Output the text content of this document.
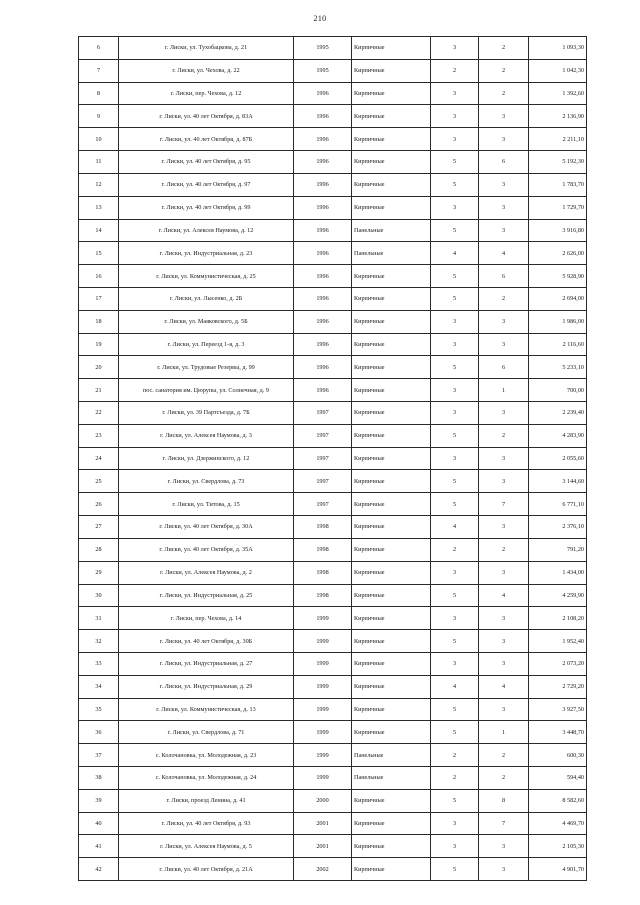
210
6	г. Лиски, ул. Тухобацкова, д. 21	1995	Кирпичные	3	2	1 093,30
7	г. Лиски, ул. Чехова, д. 22	1995	Кирпичные	2	2	1 042,30
8	г. Лиски, пер. Чехова, д. 12	1996	Кирпичные	3	2	1 392,60
9	г. Лиски, ул. 40 лет Октября, д. 83А	1996	Кирпичные	3	3	2 136,90
10	г. Лиски, ул. 40 лет Октября, д. 87Б	1996	Кирпичные	3	3	2 211,10
11	г. Лиски, ул. 40 лет Октября, д. 95	1996	Кирпичные	5	6	5 192,30
12	г. Лиски, ул. 40 лет Октября, д. 97	1996	Кирпичные	5	3	1 783,70
13	г. Лиски, ул. 40 лет Октября, д. 99	1996	Кирпичные	3	3	1 729,70
14	г. Лиски, ул. Алексея Наумова, д. 12	1996	Панельные	5	3	3 916,80
15	г. Лиски, ул. Индустриальная, д. 23	1996	Панельные	4	4	2 626,00
16	г. Лиски, ул. Коммунистическая, д. 25	1996	Кирпичные	5	6	5 928,90
17	г. Лиски, ул. Лысенко, д. 2Б	1996	Кирпичные	5	2	2 694,00
18	г. Лиски, ул. Маяковского, д. 5Б	1996	Кирпичные	3	3	1 986,00
19	г. Лиски, ул. Переезд 1-я, д. 3	1996	Кирпичные	3	3	2 116,60
20	г. Лиски, ул. Трудовые Резервы, д. 99	1996	Кирпичные	5	6	5 233,10
21	пос. санатория им. Цюрупы, ул. Солнечная, д. 9	1996	Кирпичные	3	1	700,00
22	г. Лиски, ул. 39 Партсъезда, д. 7Б	1997	Кирпичные	3	3	2 239,40
23	г. Лиски, ул. Алексея Наумова, д. 3	1997	Кирпичные	5	2	4 283,90
24	г. Лиски, ул. Дзержинского, д. 12	1997	Кирпичные	3	3	2 055,60
25	г. Лиски, ул. Свердлова, д. 73	1997	Кирпичные	5	3	3 144,60
26	г. Лиски, ул. Титова, д. 15	1997	Кирпичные	5	7	6 771,10
27	г. Лиски, ул. 40 лет Октября, д. 30А	1998	Кирпичные	4	3	2 376,10
28	г. Лиски, ул. 40 лет Октября, д. 35А	1998	Кирпичные	2	2	791,20
29	г. Лиски, ул. Алексея Наумова, д. 2	1998	Кирпичные	3	3	1 434,00
30	г. Лиски, ул. Индустриальная, д. 25	1998	Кирпичные	5	4	4 259,90
31	г. Лиски, пер. Чехова, д. 14	1999	Кирпичные	3	3	2 108,20
32	г. Лиски, ул. 40 лет Октября, д. 30Б	1999	Кирпичные	5	3	1 952,40
33	г. Лиски, ул. Индустриальная, д. 27	1999	Кирпичные	3	3	2 073,20
34	г. Лиски, ул. Индустриальная, д. 29	1999	Кирпичные	4	4	2 729,20
35	г. Лиски, ул. Коммунистическая, д. 13	1999	Кирпичные	5	3	3 927,50
36	г. Лиски, ул. Свердлова, д. 71	1999	Кирпичные	5	1	3 448,70
37	с. Колочановка, ул. Молодежная, д. 23	1999	Панельные	2	2	600,30
38	с. Колочановка, ул. Молодежная, д. 24	1999	Панельные	2	2	594,40
39	г. Лиски, проезд Ленина, д. 41	2000	Кирпичные	5	8	8 582,60
40	г. Лиски, ул. 40 лет Октября, д. 93	2001	Кирпичные	3	7	4 469,70
41	г. Лиски, ул. Алексея Наумова, д. 5	2001	Кирпичные	3	3	2 105,30
42	г. Лиски, ул. 40 лет Октября, д. 21А	2002	Кирпичные	5	3	4 901,70
